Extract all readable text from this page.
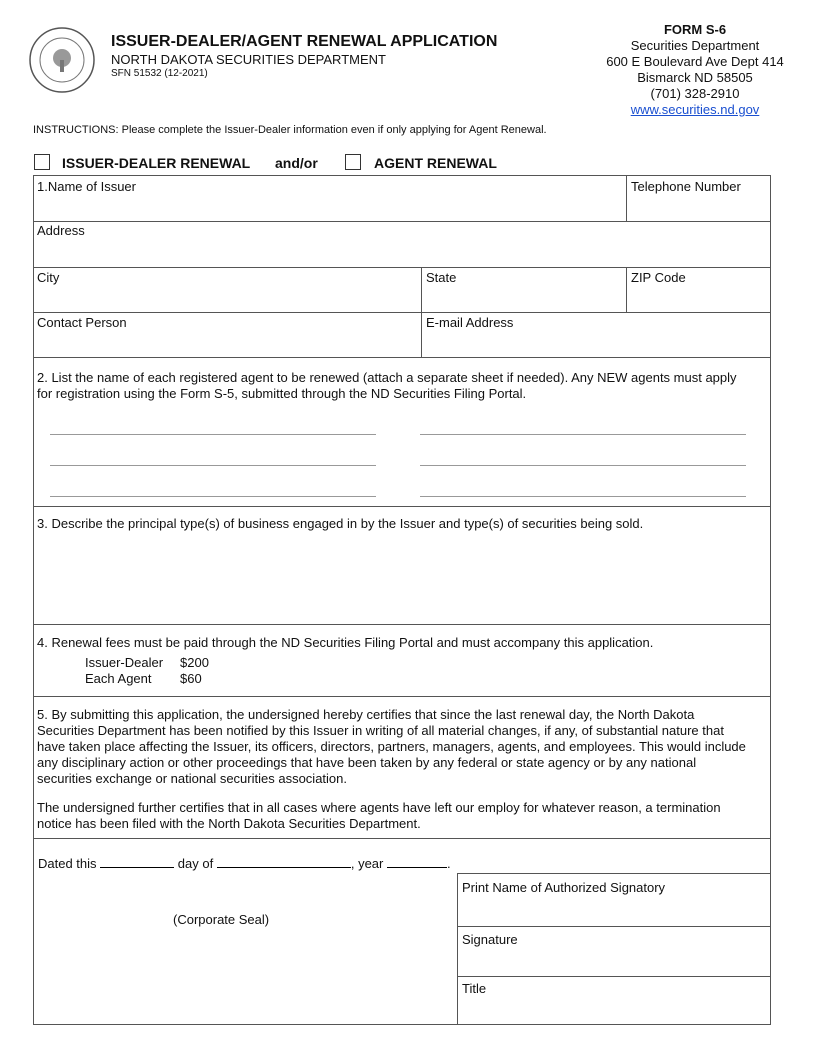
ISSUER-DEALER/AGENT RENEWAL APPLICATION
NORTH DAKOTA SECURITIES DEPARTMENT
SFN 51532 (12-2021)
FORM S-6
Securities Department
600 E Boulevard Ave Dept 414
Bismarck ND 58505
(701) 328-2910
www.securities.nd.gov
INSTRUCTIONS: Please complete the Issuer-Dealer information even if only applying for Agent Renewal.
ISSUER-DEALER RENEWAL and/or	AGENT RENEWAL
1.Name of Issuer	Telephone Number
Address
City	State	ZIP Code
Contact Person	E-mail Address
2. List the name of each registered agent to be renewed (attach a separate sheet if needed). Any NEW agents must apply for registration using the Form S-5, submitted through the ND Securities Filing Portal.
3. Describe the principal type(s) of business engaged in by the Issuer and type(s) of securities being sold.
4. Renewal fees must be paid through the ND Securities Filing Portal and must accompany this application.
Issuer-Dealer $200
Each Agent $60
5. By submitting this application, the undersigned hereby certifies that since the last renewal day, the North Dakota Securities Department has been notified by this Issuer in writing of all material changes, if any, of substantial nature that have taken place affecting the Issuer, its officers, directors, partners, managers, agents, and employees. This would include any disciplinary action or other proceedings that have been taken by any federal or state agency or by any national securities exchange or national securities association.
The undersigned further certifies that in all cases where agents have left our employ for whatever reason, a termination notice has been filed with the North Dakota Securities Department.
Dated this	day of	, year	.
(Corporate Seal)
Print Name of Authorized Signatory
Signature
Title
